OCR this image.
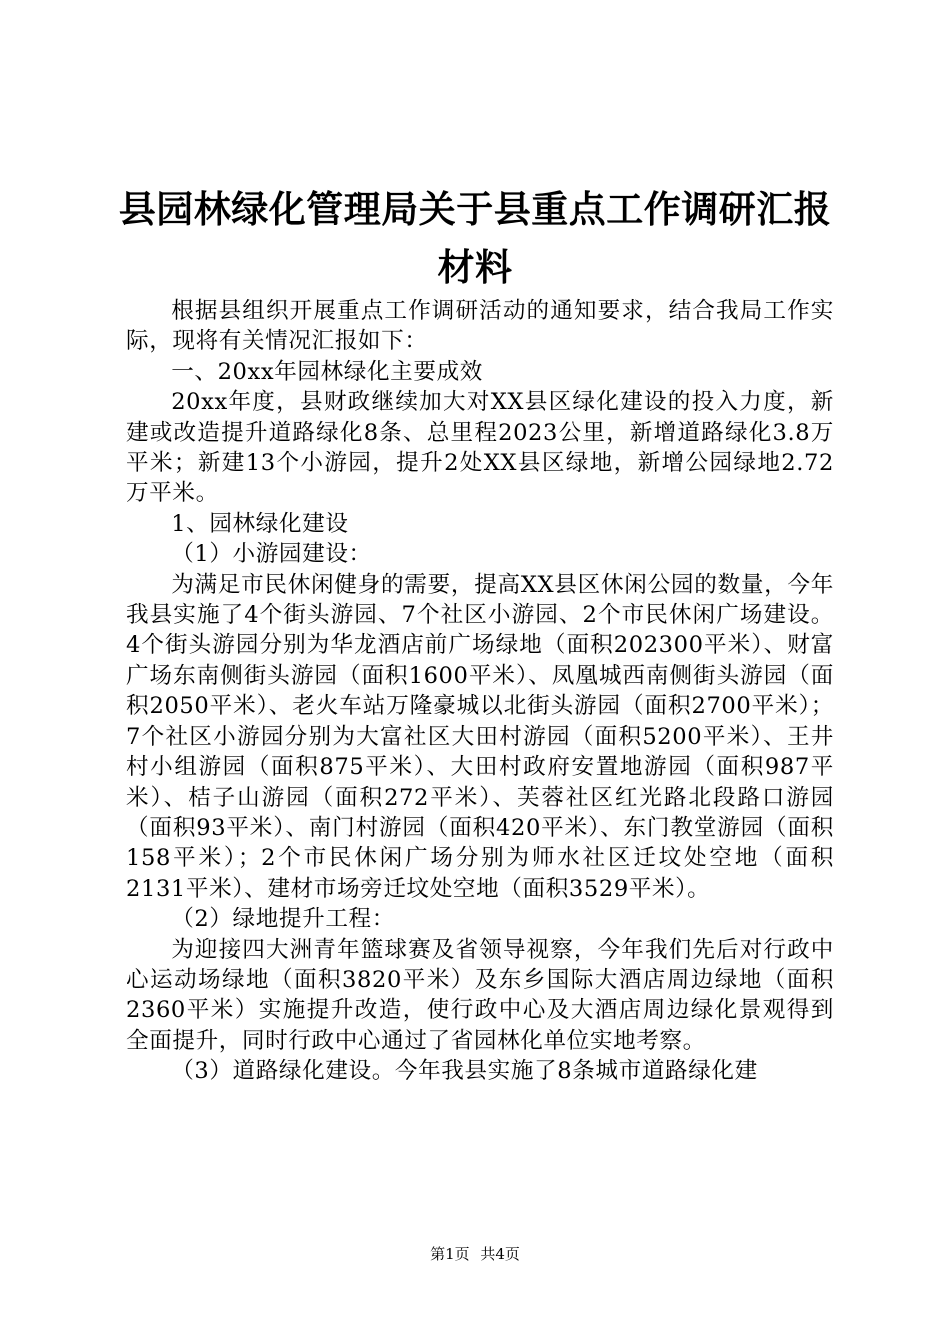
县园林绿化管理局关于县重点工作调研汇报材料

根据县组织开展重点工作调研活动的通知要求，结合我局工作实际，现将有关情况汇报如下：

一、20xx年园林绿化主要成效

20xx年度，县财政继续加大对XX县区绿化建设的投入力度，新建或改造提升道路绿化8条、总里程2023公里，新增道路绿化3.8万平米；新建13个小游园，提升2处XX县区绿地，新增公园绿地2.72万平米。

1、园林绿化建设

（1）小游园建设：

为满足市民休闲健身的需要，提高XX县区休闲公园的数量，今年我县实施了4个街头游园、7个社区小游园、2个市民休闲广场建设。4个街头游园分别为华龙酒店前广场绿地（面积202300平米）、财富广场东南侧街头游园（面积1600平米）、凤凰城西南侧街头游园（面积2050平米）、老火车站万隆豪城以北街头游园（面积2700平米）；7个社区小游园分别为大富社区大田村游园（面积5200平米）、王井村小组游园（面积875平米）、大田村政府安置地游园（面积987平米）、桔子山游园（面积272平米）、芙蓉社区红光路北段路口游园（面积93平米）、南门村游园（面积420平米）、东门教堂游园（面积158平米）；2个市民休闲广场分别为师水社区迁坟处空地（面积2131平米）、建材市场旁迁坟处空地（面积3529平米）。

（2）绿地提升工程：

为迎接四大洲青年篮球赛及省领导视察，今年我们先后对行政中心运动场绿地（面积3820平米）及东乡国际大酒店周边绿地（面积2360平米）实施提升改造，使行政中心及大酒店周边绿化景观得到全面提升，同时行政中心通过了省园林化单位实地考察。

（3）道路绿化建设。今年我县实施了8条城市道路绿化建

第1页 共4页
